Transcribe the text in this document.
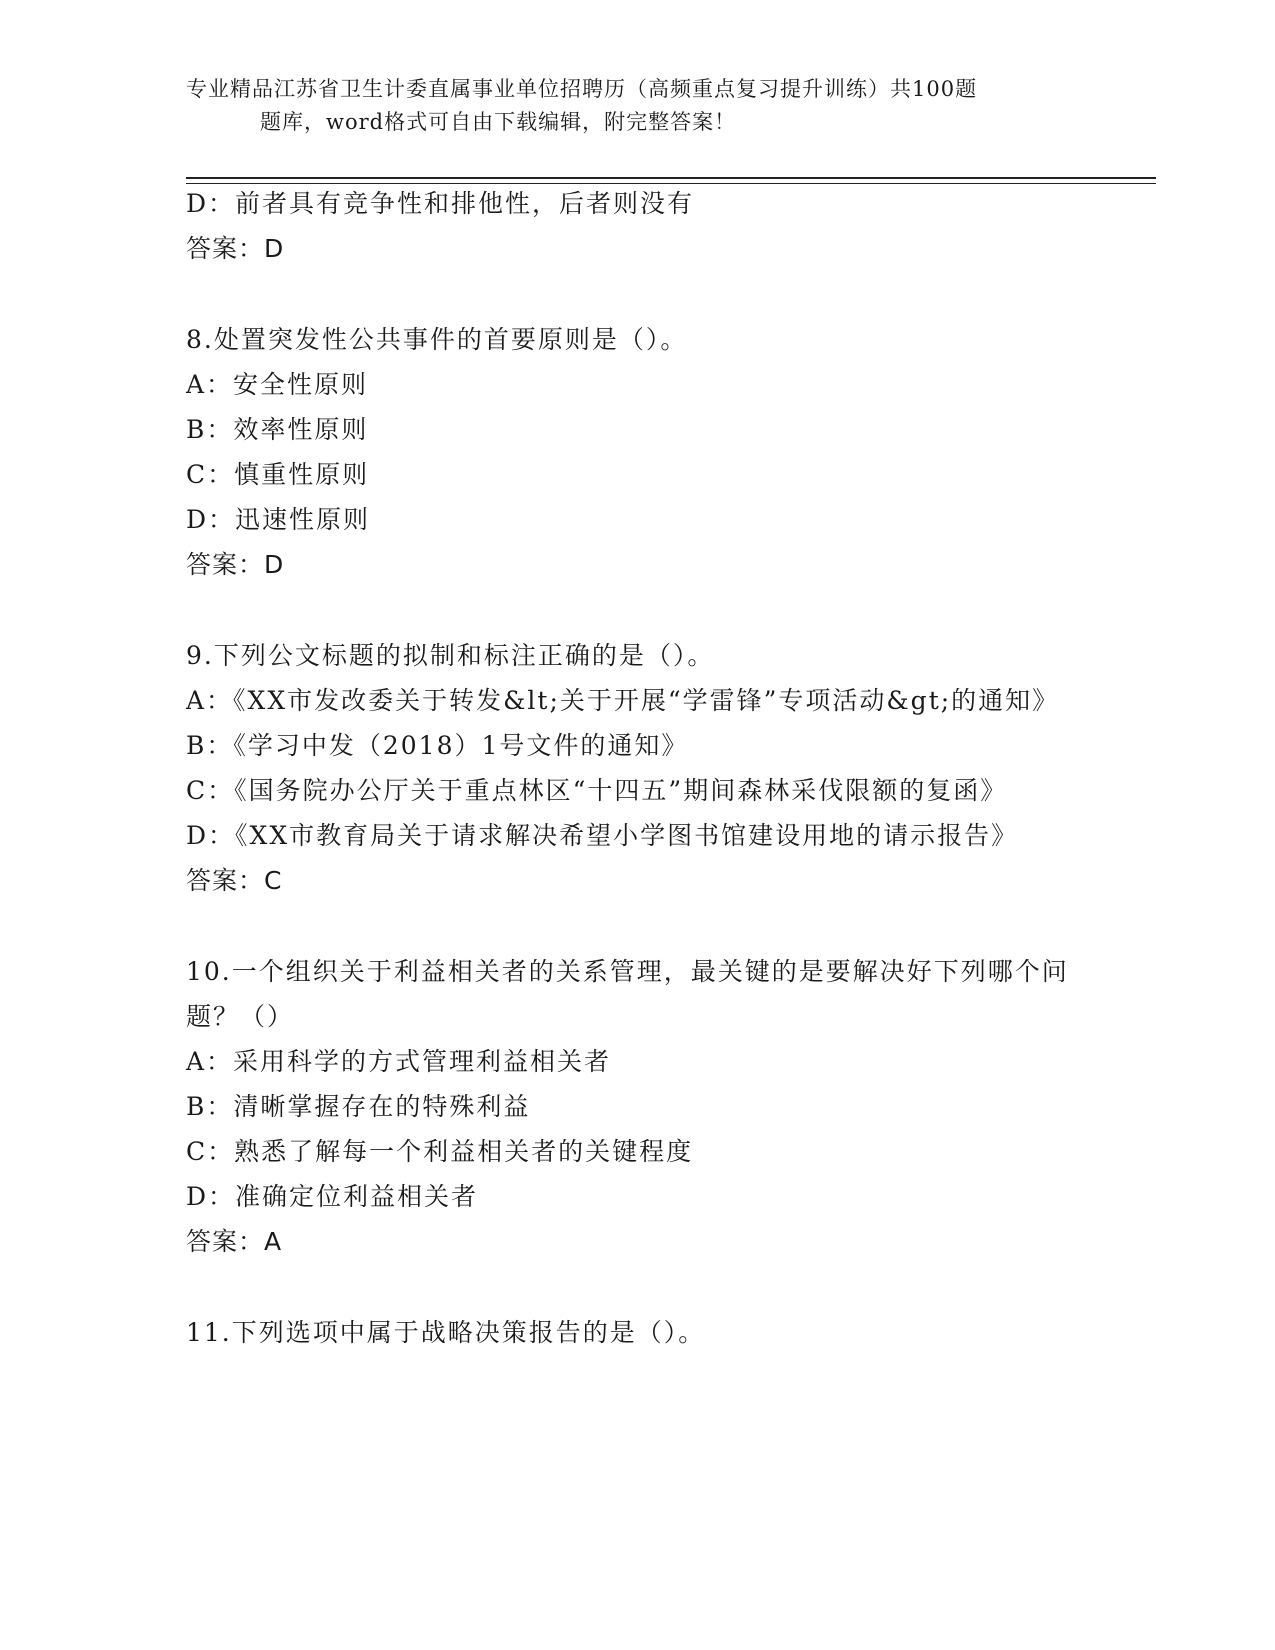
专业精品江苏省卫生计委直属事业单位招聘历（高频重点复习提升训练）共100题
题库，word格式可自由下载编辑，附完整答案！

D：前者具有竞争性和排他性，后者则没有

答案：D

8.处置突发性公共事件的首要原则是（）。

A：安全性原则

B：效率性原则

C：慎重性原则

D：迅速性原则

答案：D

9.下列公文标题的拟制和标注正确的是（）。

A：《XX市发改委关于转发&lt;关于开展“学雷锋”专项活动&gt;的通知》

B：《学习中发（2018）1号文件的通知》

C：《国务院办公厅关于重点林区“十四五”期间森林采伐限额的复函》

D：《XX市教育局关于请求解决希望小学图书馆建设用地的请示报告》

答案：C

10.一个组织关于利益相关者的关系管理，最关键的是要解决好下列哪个问题？（）

A：采用科学的方式管理利益相关者

B：清晰掌握存在的特殊利益

C：熟悉了解每一个利益相关者的关键程度

D：准确定位利益相关者

答案：A

11.下列选项中属于战略决策报告的是（）。
